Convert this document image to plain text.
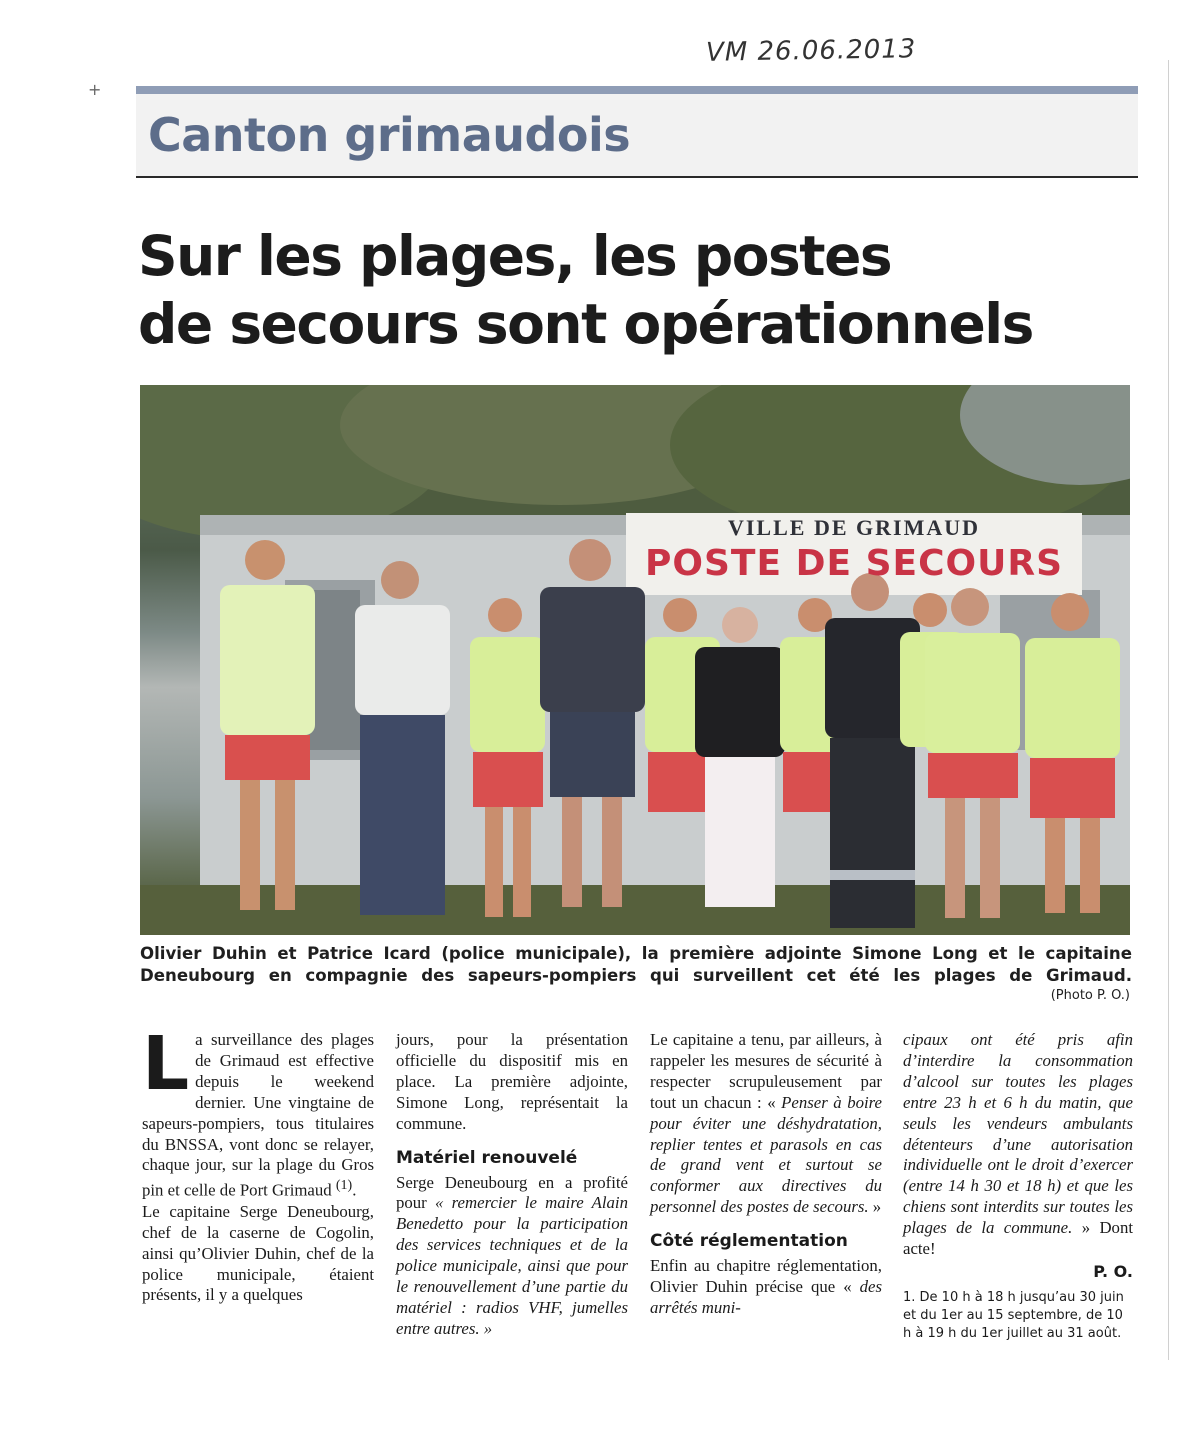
VM 26.06.2013
+
Canton grimaudois
Sur les plages, les postes
de secours sont opérationnels
VILLE DE GRIMAUD
POSTE DE SECOURS

Olivier Duhin et Patrice Icard (police municipale), la première adjointe Simone Long et le capitaine Deneubourg en compagnie des sapeurs-pompiers qui surveillent cet été les plages de Grimaud.

(Photo P. O.)

La surveillance des plages de Grimaud est effective depuis le weekend dernier. Une vingtaine de sapeurs-pompiers, tous titulaires du BNSSA, vont donc se relayer, chaque jour, sur la plage du Gros pin et celle de Port Grimaud $^{(1)}$.

Le capitaine Serge Deneubourg, chef de la caserne de Cogolin, ainsi qu’Olivier Duhin, chef de la police municipale, étaient présents, il y a quelques

jours, pour la présentation officielle du dispositif mis en place. La première adjointe, Simone Long, représentait la commune.

Matériel renouvelé

Serge Deneubourg en a profité pour « remercier le maire Alain Benedetto pour la participation des services techniques et de la police municipale, ainsi que pour le renouvellement d’une partie du matériel : radios VHF, jumelles entre autres. »

Le capitaine a tenu, par ailleurs, à rappeler les mesures de sécurité à respecter scrupuleusement par tout un chacun : « Penser à boire pour éviter une déshydratation, replier tentes et parasols en cas de grand vent et surtout se conformer aux directives du personnel des postes de secours. »

Côté réglementation

Enfin au chapitre réglementation, Olivier Duhin précise que « des arrêtés muni-

cipaux ont été pris afin d’interdire la consommation d’alcool sur toutes les plages entre 23 h et 6 h du matin, que seuls les vendeurs ambulants détenteurs d’une autorisation individuelle ont le droit d’exercer (entre 14 h 30 et 18 h) et que les chiens sont interdits sur toutes les plages de la commune. » Dont acte!

P. O.
1. De 10 h à 18 h jusqu’au 30 juin et du 1er au 15 septembre, de 10 h à 19 h du 1er juillet au 31 août.
